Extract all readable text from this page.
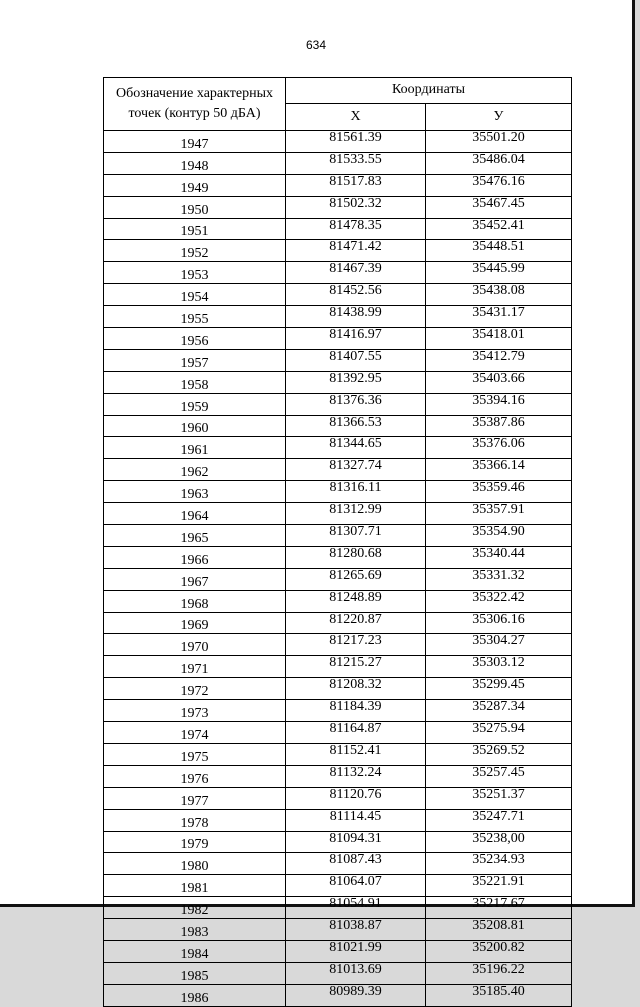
634
Обозначение характерных точек (контур 50 дБА)	Координаты	
	X	У
1947	81561.39	35501.20
1948	81533.55	35486.04
1949	81517.83	35476.16
1950	81502.32	35467.45
1951	81478.35	35452.41
1952	81471.42	35448.51
1953	81467.39	35445.99
1954	81452.56	35438.08
1955	81438.99	35431.17
1956	81416.97	35418.01
1957	81407.55	35412.79
1958	81392.95	35403.66
1959	81376.36	35394.16
1960	81366.53	35387.86
1961	81344.65	35376.06
1962	81327.74	35366.14
1963	81316.11	35359.46
1964	81312.99	35357.91
1965	81307.71	35354.90
1966	81280.68	35340.44
1967	81265.69	35331.32
1968	81248.89	35322.42
1969	81220.87	35306.16
1970	81217.23	35304.27
1971	81215.27	35303.12
1972	81208.32	35299.45
1973	81184.39	35287.34
1974	81164.87	35275.94
1975	81152.41	35269.52
1976	81132.24	35257.45
1977	81120.76	35251.37
1978	81114.45	35247.71
1979	81094.31	35238,00
1980	81087.43	35234.93
1981	81064.07	35221.91
1982	81054.91	35217.67
1983	81038.87	35208.81
1984	81021.99	35200.82
1985	81013.69	35196.22
1986	80989.39	35185.40
